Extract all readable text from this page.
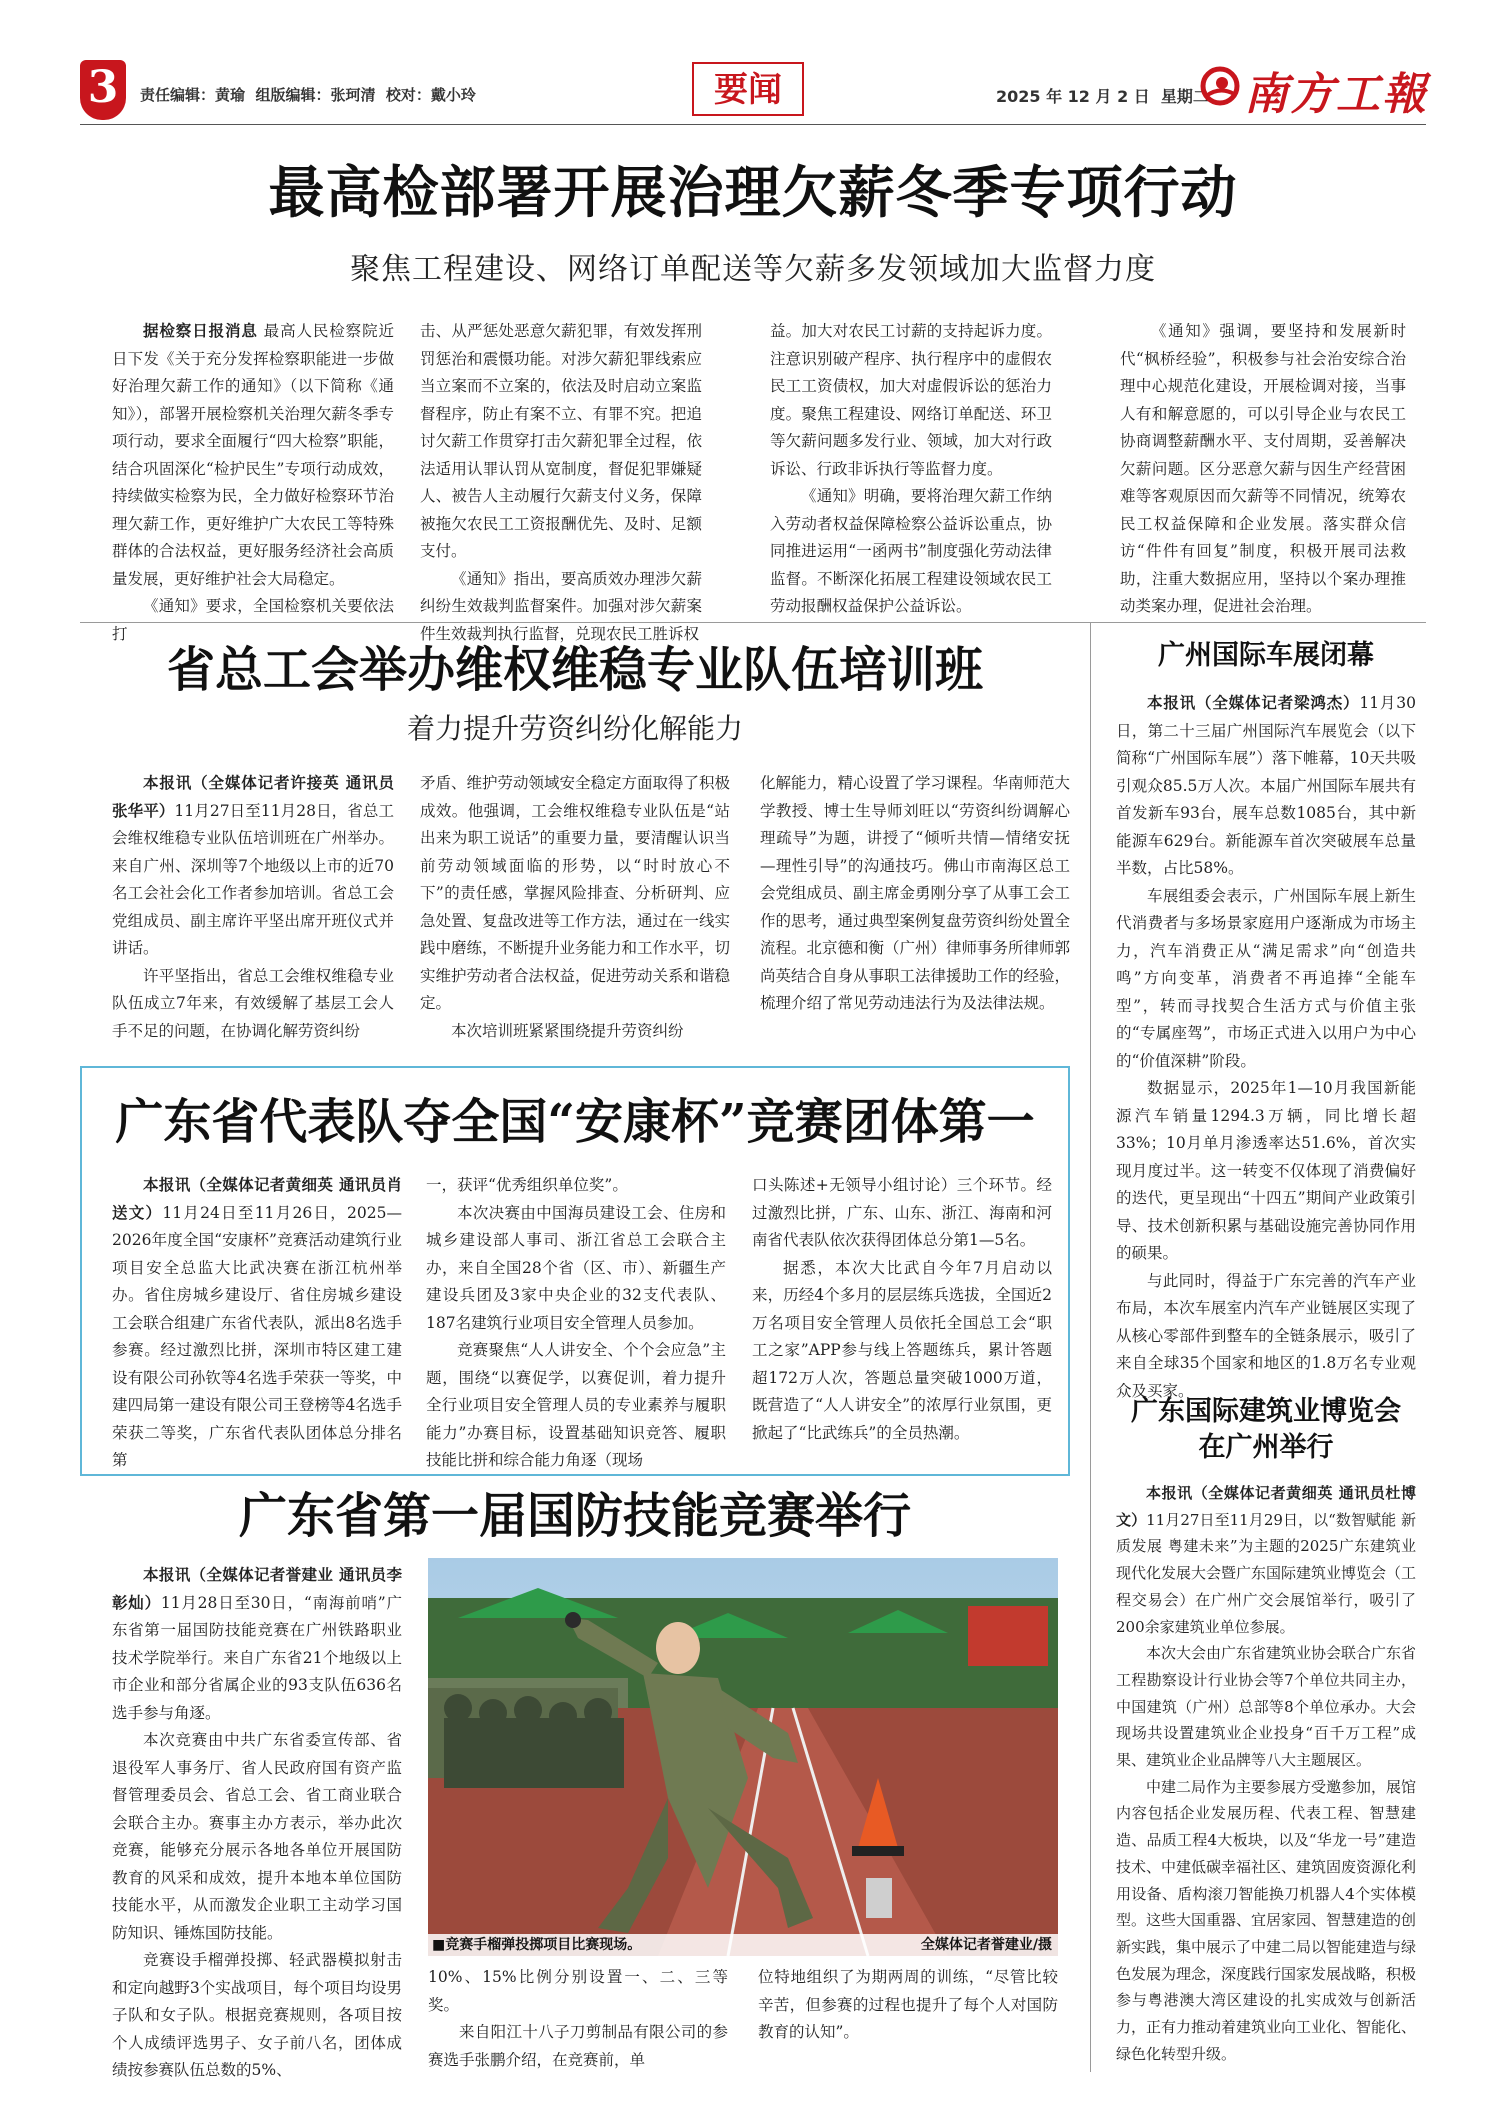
3	责任编辑：黄瑜  组版编辑：张珂清  校对：戴小玲	要闻	2025 年 12 月 2 日  星期二 南方工報
最高检部署开展治理欠薪冬季专项行动
聚焦工程建设、网络订单配送等欠薪多发领域加大监督力度

据检察日报消息 最高人民检察院近日下发《关于充分发挥检察职能进一步做好治理欠薪工作的通知》（以下简称《通知》），部署开展检察机关治理欠薪冬季专项行动，要求全面履行“四大检察”职能，结合巩固深化“检护民生”专项行动成效，持续做实检察为民，全力做好检察环节治理欠薪工作，更好维护广大农民工等特殊群体的合法权益，更好服务经济社会高质量发展，更好维护社会大局稳定。

《通知》要求，全国检察机关要依法打

击、从严惩处恶意欠薪犯罪，有效发挥刑罚惩治和震慑功能。对涉欠薪犯罪线索应当立案而不立案的，依法及时启动立案监督程序，防止有案不立、有罪不究。把追讨欠薪工作贯穿打击欠薪犯罪全过程，依法适用认罪认罚从宽制度，督促犯罪嫌疑人、被告人主动履行欠薪支付义务，保障被拖欠农民工工资报酬优先、及时、足额支付。

《通知》指出，要高质效办理涉欠薪纠纷生效裁判监督案件。加强对涉欠薪案件生效裁判执行监督，兑现农民工胜诉权

益。加大对农民工讨薪的支持起诉力度。注意识别破产程序、执行程序中的虚假农民工工资债权，加大对虚假诉讼的惩治力度。聚焦工程建设、网络订单配送、环卫等欠薪问题多发行业、领域，加大对行政诉讼、行政非诉执行等监督力度。

《通知》明确，要将治理欠薪工作纳入劳动者权益保障检察公益诉讼重点，协同推进运用“一函两书”制度强化劳动法律监督。不断深化拓展工程建设领域农民工劳动报酬权益保护公益诉讼。

《通知》强调，要坚持和发展新时代“枫桥经验”，积极参与社会治安综合治理中心规范化建设，开展检调对接，当事人有和解意愿的，可以引导企业与农民工协商调整薪酬水平、支付周期，妥善解决欠薪问题。区分恶意欠薪与因生产经营困难等客观原因而欠薪等不同情况，统筹农民工权益保障和企业发展。落实群众信访“件件有回复”制度，积极开展司法救助，注重大数据应用，坚持以个案办理推动类案办理，促进社会治理。

省总工会举办维权维稳专业队伍培训班
着力提升劳资纠纷化解能力

本报讯（全媒体记者许接英 通讯员张华平）11月27日至11月28日，省总工会维权维稳专业队伍培训班在广州举办。来自广州、深圳等7个地级以上市的近70名工会社会化工作者参加培训。省总工会党组成员、副主席许平坚出席开班仪式并讲话。

许平坚指出，省总工会维权维稳专业队伍成立7年来，有效缓解了基层工会人手不足的问题，在协调化解劳资纠纷

矛盾、维护劳动领域安全稳定方面取得了积极成效。他强调，工会维权维稳专业队伍是“站出来为职工说话”的重要力量，要清醒认识当前劳动领域面临的形势，以“时时放心不下”的责任感，掌握风险排查、分析研判、应急处置、复盘改进等工作方法，通过在一线实践中磨练，不断提升业务能力和工作水平，切实维护劳动者合法权益，促进劳动关系和谐稳定。

本次培训班紧紧围绕提升劳资纠纷

化解能力，精心设置了学习课程。华南师范大学教授、博士生导师刘旺以“劳资纠纷调解心理疏导”为题，讲授了“倾听共情—情绪安抚—理性引导”的沟通技巧。佛山市南海区总工会党组成员、副主席金勇刚分享了从事工会工作的思考，通过典型案例复盘劳资纠纷处置全流程。北京德和衡（广州）律师事务所律师郭尚英结合自身从事职工法律援助工作的经验，梳理介绍了常见劳动违法行为及法律法规。

广东省代表队夺全国“安康杯”竞赛团体第一

本报讯（全媒体记者黄细英 通讯员肖送文）11月24日至11月26日，2025—2026年度全国“安康杯”竞赛活动建筑行业项目安全总监大比武决赛在浙江杭州举办。省住房城乡建设厅、省住房城乡建设工会联合组建广东省代表队，派出8名选手参赛。经过激烈比拼，深圳市特区建工建设有限公司孙钦等4名选手荣获一等奖，中建四局第一建设有限公司王登榜等4名选手荣获二等奖，广东省代表队团体总分排名第

一，获评“优秀组织单位奖”。

本次决赛由中国海员建设工会、住房和城乡建设部人事司、浙江省总工会联合主办，来自全国28个省（区、市）、新疆生产建设兵团及3家中央企业的32支代表队、187名建筑行业项目安全管理人员参加。

竞赛聚焦“人人讲安全、个个会应急”主题，围绕“以赛促学，以赛促训，着力提升全行业项目安全管理人员的专业素养与履职能力”办赛目标，设置基础知识竞答、履职技能比拼和综合能力角逐（现场

口头陈述+无领导小组讨论）三个环节。经过激烈比拼，广东、山东、浙江、海南和河南省代表队依次获得团体总分第1—5名。

据悉，本次大比武自今年7月启动以来，历经4个多月的层层练兵选拔，全国近2万名项目安全管理人员依托全国总工会“职工之家”APP参与线上答题练兵，累计答题超172万人次，答题总量突破1000万道，既营造了“人人讲安全”的浓厚行业氛围，更掀起了“比武练兵”的全员热潮。

广东省第一届国防技能竞赛举行

本报讯（全媒体记者誉建业 通讯员李彰灿）11月28日至30日，“南海前哨”广东省第一届国防技能竞赛在广州铁路职业技术学院举行。来自广东省21个地级以上市企业和部分省属企业的93支队伍636名选手参与角逐。

本次竞赛由中共广东省委宣传部、省退役军人事务厅、省人民政府国有资产监督管理委员会、省总工会、省工商业联合会联合主办。赛事主办方表示，举办此次竞赛，能够充分展示各地各单位开展国防教育的风采和成效，提升本地本单位国防技能水平，从而激发企业职工主动学习国防知识、锤炼国防技能。

竞赛设手榴弹投掷、轻武器模拟射击和定向越野3个实战项目，每个项目均设男子队和女子队。根据竞赛规则，各项目按个人成绩评选男子、女子前八名，团体成绩按参赛队伍总数的5%、

■竞赛手榴弹投掷项目比赛现场。	全媒体记者誉建业/摄

10%、15%比例分别设置一、二、三等奖。

来自阳江十八子刀剪制品有限公司的参赛选手张鹏介绍，在竞赛前，单

位特地组织了为期两周的训练，“尽管比较辛苦，但参赛的过程也提升了每个人对国防教育的认知”。

广州国际车展闭幕

本报讯（全媒体记者梁鸿杰）11月30日，第二十三届广州国际汽车展览会（以下简称“广州国际车展”）落下帷幕，10天共吸引观众85.5万人次。本届广州国际车展共有首发新车93台，展车总数1085台，其中新能源车629台。新能源车首次突破展车总量半数，占比58%。

车展组委会表示，广州国际车展上新生代消费者与多场景家庭用户逐渐成为市场主力，汽车消费正从“满足需求”向“创造共鸣”方向变革，消费者不再追捧“全能车型”，转而寻找契合生活方式与价值主张的“专属座驾”，市场正式进入以用户为中心的“价值深耕”阶段。

数据显示，2025年1—10月我国新能源汽车销量1294.3万辆，同比增长超33%；10月单月渗透率达51.6%，首次实现月度过半。这一转变不仅体现了消费偏好的迭代，更呈现出“十四五”期间产业政策引导、技术创新积累与基础设施完善协同作用的硕果。

与此同时，得益于广东完善的汽车产业布局，本次车展室内汽车产业链展区实现了从核心零部件到整车的全链条展示，吸引了来自全球35个国家和地区的1.8万名专业观众及买家。

广东国际建筑业博览会
在广州举行

本报讯（全媒体记者黄细英 通讯员杜博文）11月27日至11月29日，以“数智赋能 新质发展 粤建未来”为主题的2025广东建筑业现代化发展大会暨广东国际建筑业博览会（工程交易会）在广州广交会展馆举行，吸引了200余家建筑业单位参展。

本次大会由广东省建筑业协会联合广东省工程勘察设计行业协会等7个单位共同主办，中国建筑（广州）总部等8个单位承办。大会现场共设置建筑业企业投身“百千万工程”成果、建筑业企业品牌等八大主题展区。

中建二局作为主要参展方受邀参加，展馆内容包括企业发展历程、代表工程、智慧建造、品质工程4大板块，以及“华龙一号”建造技术、中建低碳幸福社区、建筑固废资源化利用设备、盾构滚刀智能换刀机器人4个实体模型。这些大国重器、宜居家园、智慧建造的创新实践，集中展示了中建二局以智能建造与绿色发展为理念，深度践行国家发展战略，积极参与粤港澳大湾区建设的扎实成效与创新活力，正有力推动着建筑业向工业化、智能化、绿色化转型升级。
